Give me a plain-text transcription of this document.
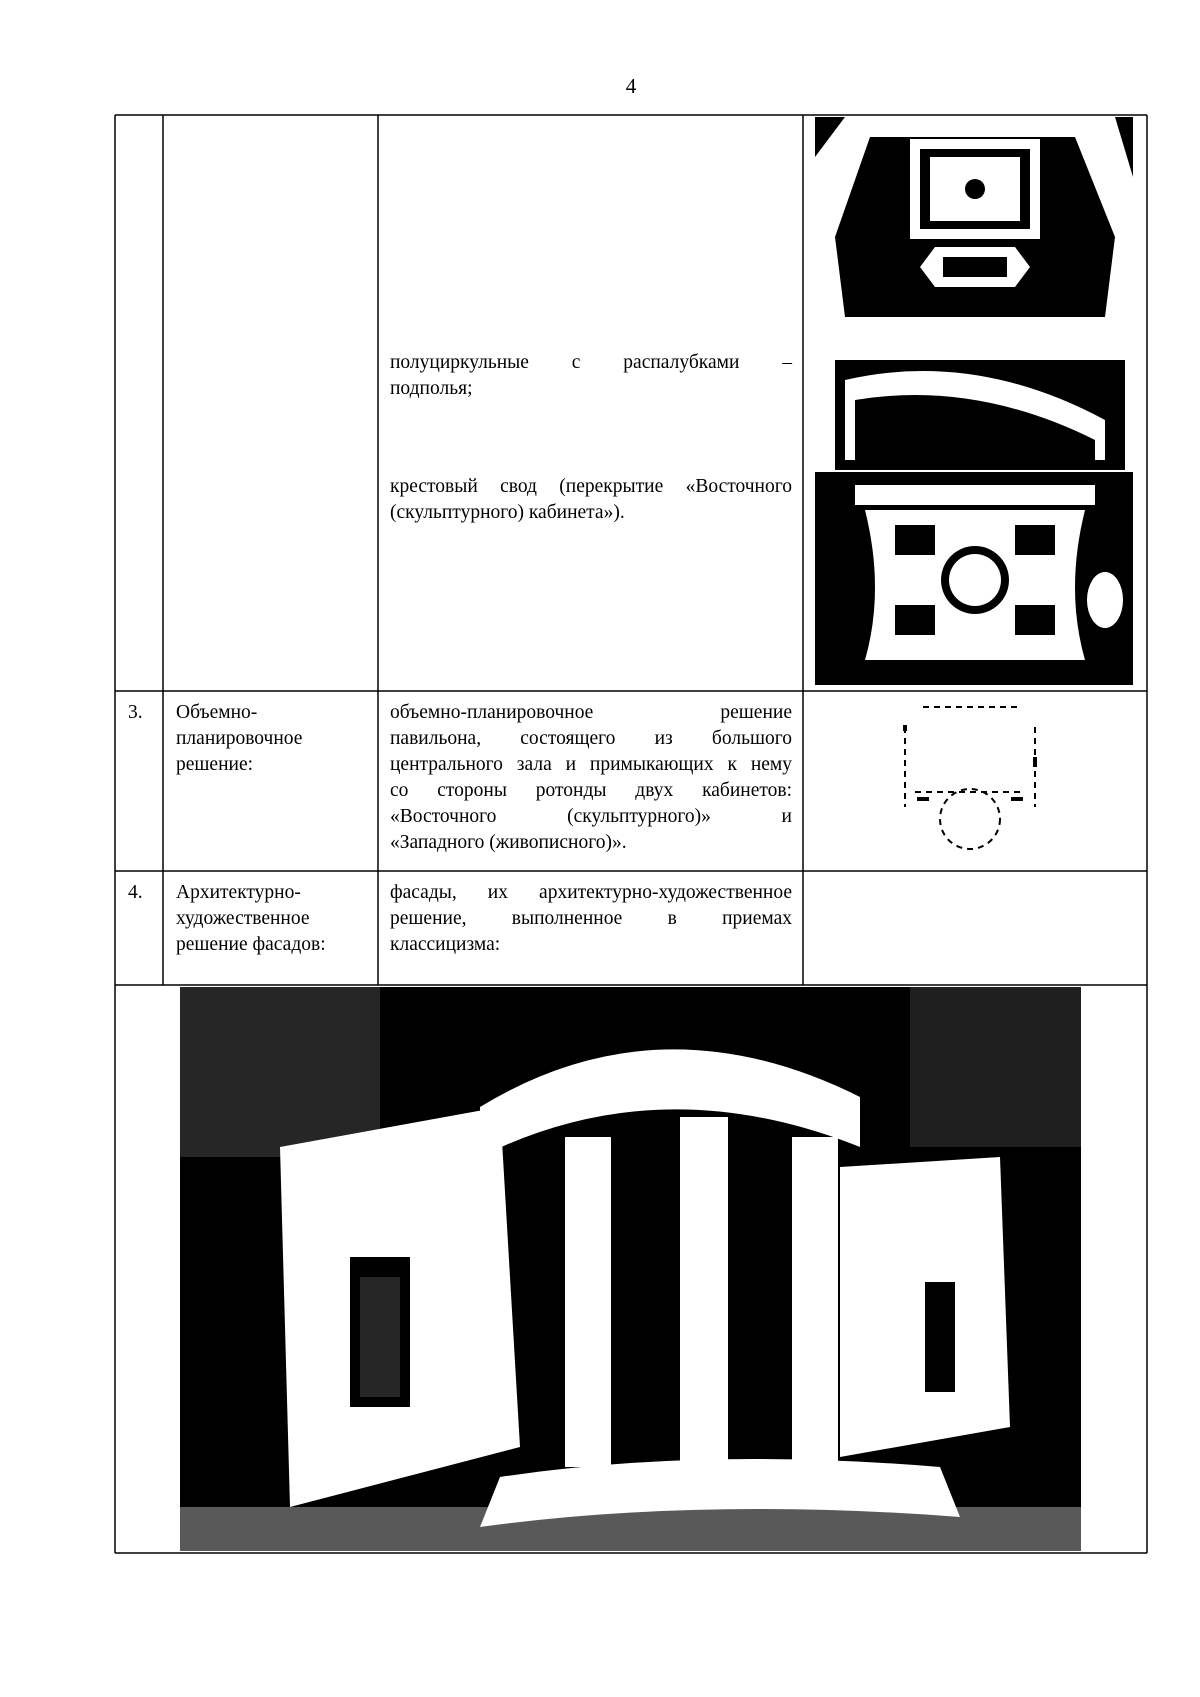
4
полуциркульные с распалубками –
подполья;
крестовый свод (перекрытие «Восточного
(скульптурного) кабинета»).
3. Объемно-
планировочное
решение:
объемно-планировочное решение
павильона, состоящего из большого
центрального зала и примыкающих к нему
со стороны ротонды двух кабинетов:
«Восточного (скульптурного)» и
«Западного (живописного)».
4. Архитектурно-
художественное
решение фасадов:
фасады, их архитектурно-художественное
решение, выполненное в приемах
классицизма:
